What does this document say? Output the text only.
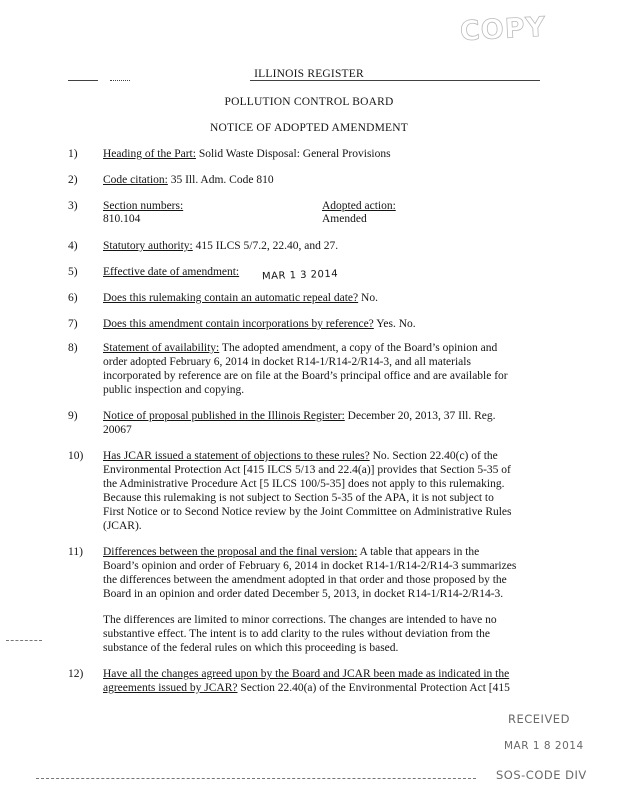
COPY
ILLINOIS REGISTER
POLLUTION CONTROL BOARD
NOTICE OF ADOPTED AMENDMENT
1) Heading of the Part: Solid Waste Disposal: General Provisions
2) Code citation: 35 Ill. Adm. Code 810
3) Section numbers:
810.104
Adopted action:
Amended
4) Statutory authority: 415 ILCS 5/7.2, 22.40, and 27.
5) Effective date of amendment: MAR 1 3 2014
6) Does this rulemaking contain an automatic repeal date? No.
7) Does this amendment contain incorporations by reference? Yes. No.
8) Statement of availability: The adopted amendment, a copy of the Board’s opinion and
order adopted February 6, 2014 in docket R14-1/R14-2/R14-3, and all materials
incorporated by reference are on file at the Board’s principal office and are available for
public inspection and copying.
9) Notice of proposal published in the Illinois Register: December 20, 2013, 37 Ill. Reg.
20067
10) Has JCAR issued a statement of objections to these rules? No. Section 22.40(c) of the
Environmental Protection Act [415 ILCS 5/13 and 22.4(a)] provides that Section 5-35 of
the Administrative Procedure Act [5 ILCS 100/5-35] does not apply to this rulemaking.
Because this rulemaking is not subject to Section 5-35 of the APA, it is not subject to
First Notice or to Second Notice review by the Joint Committee on Administrative Rules
(JCAR).
11) Differences between the proposal and the final version: A table that appears in the
Board’s opinion and order of February 6, 2014 in docket R14-1/R14-2/R14-3 summarizes
the differences between the amendment adopted in that order and those proposed by the
Board in an opinion and order dated December 5, 2013, in docket R14-1/R14-2/R14-3.
The differences are limited to minor corrections. The changes are intended to have no
substantive effect. The intent is to add clarity to the rules without deviation from the
substance of the federal rules on which this proceeding is based.
12) Have all the changes agreed upon by the Board and JCAR been made as indicated in the
agreements issued by JCAR? Section 22.40(a) of the Environmental Protection Act [415
RECEIVED
MAR 1 8 2014
SOS-CODE DIV
